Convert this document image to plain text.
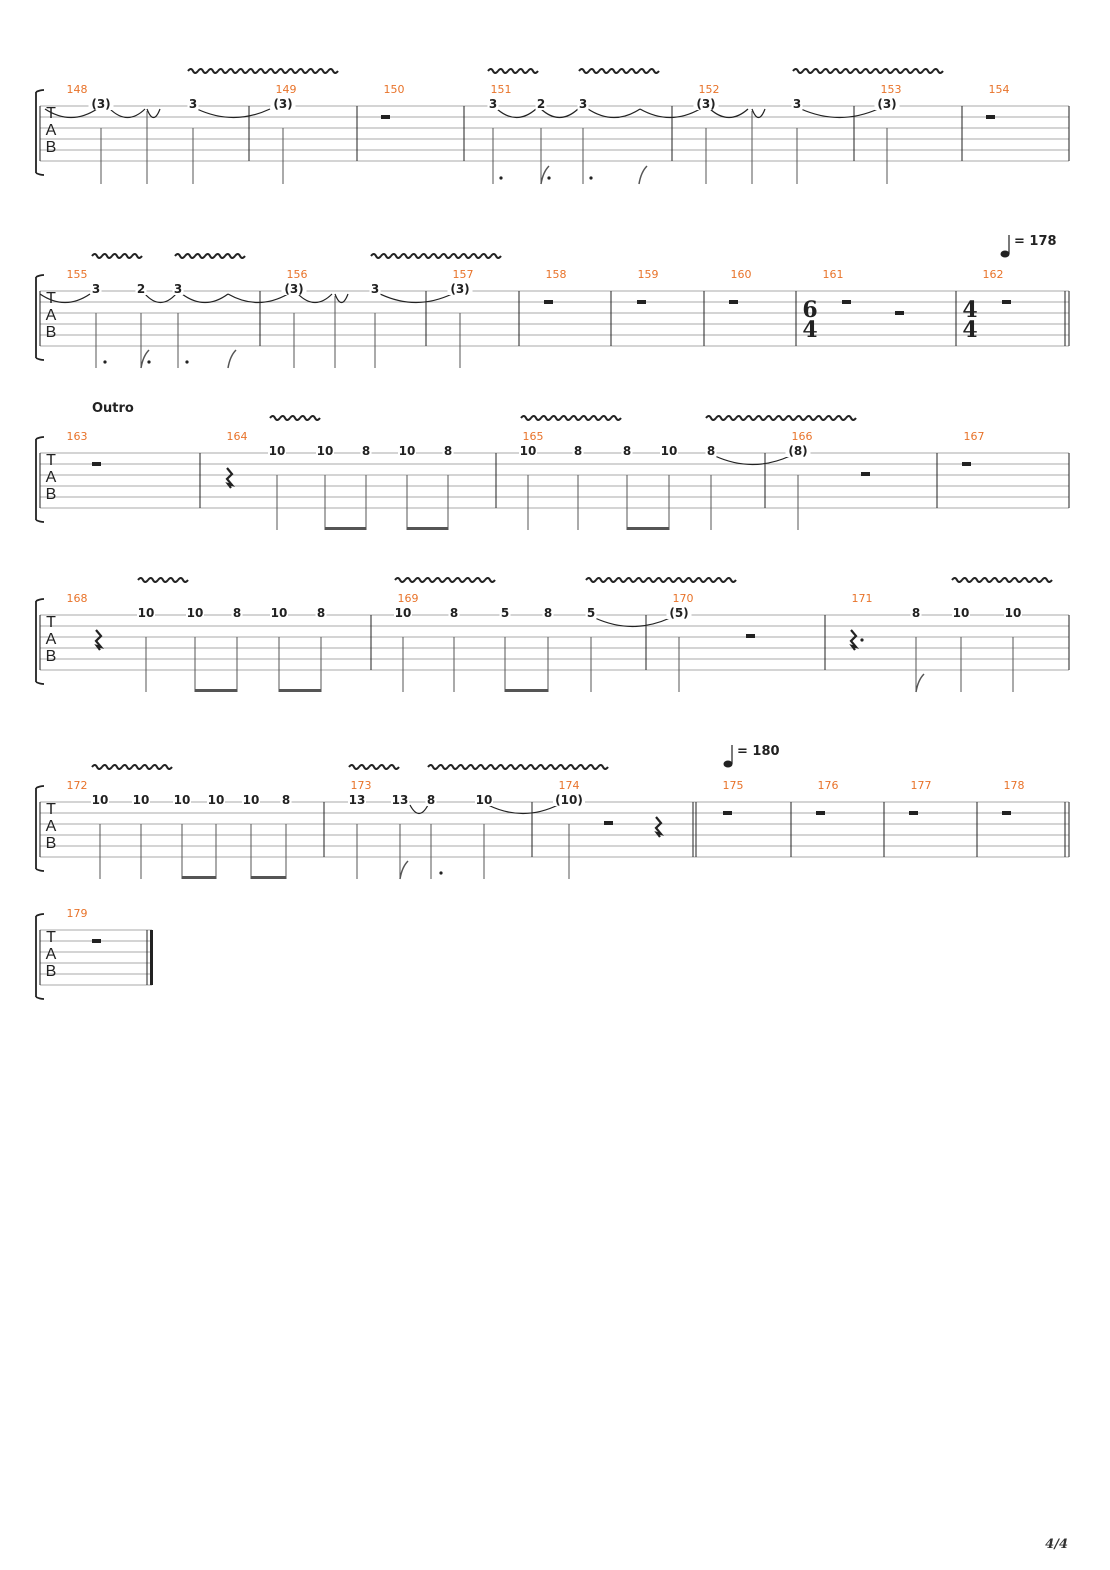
T
A
B
148
(3)
149
3	(3)
150	151
3	2	3
152
(3)	3
153
(3)
154
T
A
B
= 178
155
3	2 3
156
(3)	3
157
(3)
158	159	160	161
6
4
162
4
4
T
A
B
Outro
163	164
10	10 8 10 8
165
10	8	8 10 8
166
(8)
167
T
A
B
168
10	10 8 10 8
169
10	8	5	8	5
170
(5)
171
8	10	10
T
A
B
= 180
172
10 10 10 10 10 8
173
13 13 8	10
174
(10)
175	176	177	178
T
A
B
179
4/4
